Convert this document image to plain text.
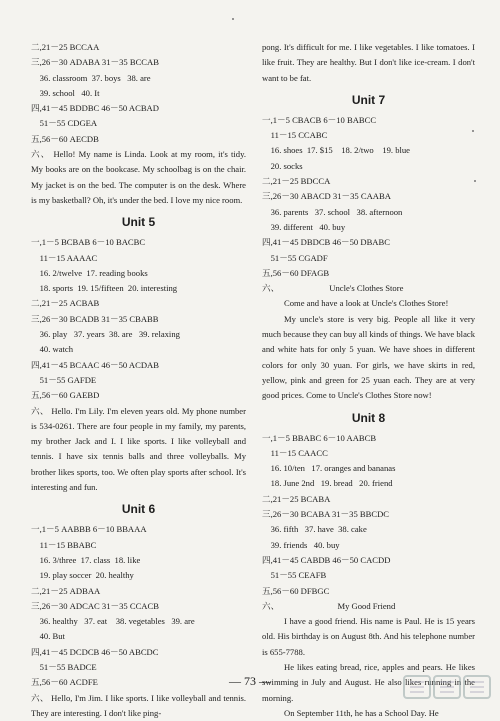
二,21－25 BCCAA
三,26－30 ADABA 31－35 BCCAB
36. classroom  37. boys   38. are
39. school   40. It
四,41－45 BDDBC 46－50 ACBAD
51－55 CDGEA
五,56－60 AECDB
六、 Hello! My name is Linda. Look at my room, it's tidy. My books are on the bookcase. My schoolbag is on the chair. My jacket is on the bed. The computer is on the desk. Where is my basketball? Oh, it's under the bed. I love my nice room.
Unit 5
一,1－5 BCBAB 6－10 BACBC
11－15 AAAAC
16. 2/twelve  17. reading books
18. sports  19. 15/fifteen  20. interesting
二,21－25 ACBAB
三,26－30 BCADB 31－35 CBABB
36. play   37. years  38. are   39. relaxing
40. watch
四,41－45 BCAAC 46－50 ACDAB
51－55 GAFDE
五,56－60 GAEBD
六、 Hello. I'm Lily. I'm eleven years old. My phone number is 534-0261. There are four people in my family, my parents, my brother Jack and I. I like sports. I like volleyball and tennis. I have six tennis balls and three volleyballs. My brother likes sports, too. We often play sports after school. It's interesting and fun.
Unit 6
一,1－5 AABBB 6－10 BBAAA
11－15 BBABC
16. 3/three  17. class  18. like
19. play soccer  20. healthy
二,21－25 ADBAA
三,26－30 ADCAC 31－35 CCACB
36. healthy   37. eat    38. vegetables   39. are
40. But
四,41－45 DCDCB 46－50 ABCDC
51－55 BADCE
五,56－60 ACDFE
六、 Hello, I'm Jim. I like sports. I like volleyball and tennis. They are interesting. I don't like ping-
pong. It's difficult for me. I like vegetables. I like tomatoes. I like fruit. They are healthy. But I don't like ice-cream. I don't want to be fat.
Unit 7
一,1－5 CBACB 6－10 BABCC
11－15 CCABC
16. shoes  17. $15    18. 2/two    19. blue
20. socks
二,21－25 BDCCA
三,26－30 ABACD 31－35 CAABA
36. parents   37. school   38. afternoon
39. different   40. buy
四,41－45 DBDCB 46－50 DBABC
51－55 CGADF
五,56－60 DFAGB
六、	Uncle's Clothes Store
Come and have a look at Uncle's Clothes Store!
My uncle's store is very big. People all like it very much because they can buy all kinds of things. We have black and white hats for only 5 yuan. We have shoes in different colors for only 30 yuan. For girls, we have skirts in red, yellow, pink and green for 25 yuan each. They are at very good prices. Come to Uncle's Clothes Store now!
Unit 8
一,1－5 BBABC 6－10 AABCB
11－15 CAACC
16. 10/ten   17. oranges and bananas
18. June 2nd   19. bread   20. friend
二,21－25 BCABA
三,26－30 BCABA 31－35 BBCDC
36. fifth   37. have  38. cake
39. friends   40. buy
四,41－45 CABDB 46－50 CACDD
51－55 CEAFB
五,56－60 DFBGC
六、	My Good Friend
I have a good friend. His name is Paul. He is 15 years old. His birthday is on August 8th. And his telephone number is 655-7788.
He likes eating bread, rice, apples and pears. He likes swimming in July and August. He also likes running in the morning.
On September 11th, he has a School Day. He
— 73 —
